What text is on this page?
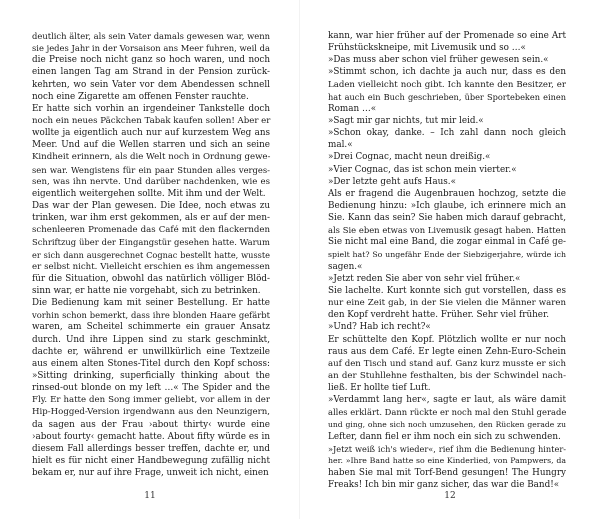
deutlich älter, als sein Vater damals gewesen war, wenn
sie jedes Jahr in der Vorsaison ans Meer fuhren, weil da
die Preise noch nicht ganz so hoch waren, und noch
einen langen Tag am Strand in der Pension zurück-
kehrten, wo sein Vater vor dem Abendessen schnell
noch eine Zigarette am offenen Fenster rauchte.
Er hatte sich vorhin an irgendeiner Tankstelle doch
noch ein neues Päckchen Tabak kaufen sollen! Aber er
wollte ja eigentlich auch nur auf kurzestem Weg ans
Meer. Und auf die Wellen starren und sich an seine
Kindheit erinnern, als die Welt noch in Ordnung gewe-
sen war. Wengistens für ein paar Stunden alles verges-
sen, was ihn nervte. Und darüber nachdenken, wie es
eigentlich weitergehen sollte. Mit ihm und der Welt.
Das war der Plan gewesen. Die Idee, noch etwas zu
trinken, war ihm erst gekommen, als er auf der men-
schenleeren Promenade das Café mit den flackernden
Schriftzug über der Eingangstür gesehen hatte. Warum
er sich dann ausgerechnet Cognac bestellt hatte, wusste
er selbst nicht. Vielleicht erschien es ihm angemessen
für die Situation, obwohl das natürlich völliger Blöd-
sinn war, er hatte nie vorgehabt, sich zu betrinken.
Die Bedienung kam mit seiner Bestellung. Er hatte
vorhin schon bemerkt, dass ihre blonden Haare gefärbt
waren, am Scheitel schimmerte ein grauer Ansatz
durch. Und ihre Lippen sind zu stark geschminkt,
dachte er, während er unwillkürlich eine Textzeile
aus einem alten Stones-Titel durch den Kopf schoss:
»Sitting drinking, superficially thinking about the
rinsed-out blonde on my left …« The Spider and the
Fly. Er hatte den Song immer geliebt, vor allem in der
Hip-Hogged-Version irgendwann aus den Neunzigern,
da sagen aus der Frau ›about thirty‹ wurde eine
›about fourty‹ gemacht hatte. About fifty würde es in
diesem Fall allerdings besser treffen, dachte er, und
hielt es für nicht einer Handbewegung zufällig nicht
bekam er, nur auf ihre Frage, unweit ich nicht, einen
11
kann, war hier früher auf der Promenade so eine Art
Frühstückskneipe, mit Livemusik und so …«
»Das muss aber schon viel früher gewesen sein.«
»Stimmt schon, ich dachte ja auch nur, dass es den
Laden vielleicht noch gibt. Ich kannte den Besitzer, er
hat auch ein Buch geschrieben, über Sportebeken einen
Roman …«
»Sagt mir gar nichts, tut mir leid.«
»Schon okay, danke. – Ich zahl dann noch gleich
mal.«
»Drei Cognac, macht neun dreißig.«
»Vier Cognac, das ist schon mein vierter.«
»Der letzte geht aufs Haus.«
Als er fragend die Augenbrauen hochzog, setzte die
Bedienung hinzu: »Ich glaube, ich erinnere mich an
Sie. Kann das sein? Sie haben mich darauf gebracht,
als Sie eben etwas von Livemusik gesagt haben. Hatten
Sie nicht mal eine Band, die zogar einmal in Café ge-
spielt hat? So ungefähr Ende der Siebzigerjahre, würde ich
sagen.«
»Jetzt reden Sie aber von sehr viel früher.«
Sie lachelte. Kurt konnte sich gut vorstellen, dass es
nur eine Zeit gab, in der Sie vielen die Männer waren
den Kopf verdreht hatte. Früher. Sehr viel früher.
»Und? Hab ich recht?«
Er schüttelte den Kopf. Plötzlich wollte er nur noch
raus aus dem Café. Er legte einen Zehn-Euro-Schein
auf den Tisch und stand auf. Ganz kurz musste er sich
an der Stuhllehne festhalten, bis der Schwindel nach-
ließ. Er hollte tief Luft.
»Verdammt lang her«, sagte er laut, als wäre damit
alles erklärt. Dann rückte er noch mal den Stuhl gerade
und ging, ohne sich noch umzusehen, den Rücken gerade zu
Lefter, dann fiel er ihm noch ein sich zu schwenden.
»Jetzt weiß ich's wieder«, rief ihm die Bedienung hinter-
her. »Ihre Band hatte so eine Kinderlied, von Pampwers, da
haben Sie mal mit Torf-Bend gesungen! The Hungry
Freaks! Ich bin mir ganz sicher, das war die Band!«
12
